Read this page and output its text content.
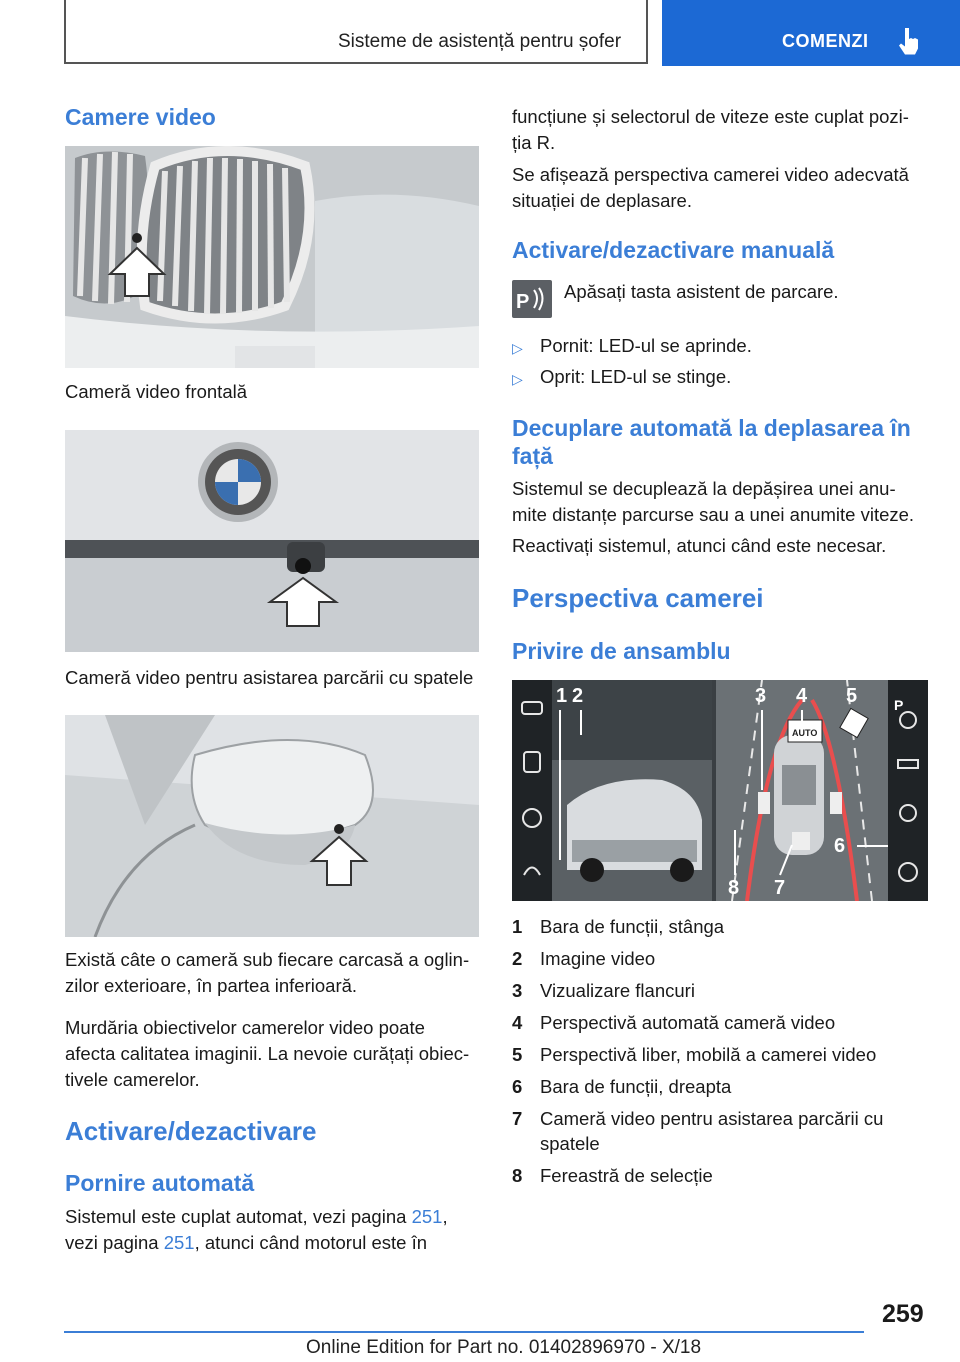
Sisteme de asistență pentru șofer	COMENZI
Camere video
Cameră video frontală
Cameră video pentru asistarea parcării cu spatele
Există câte o cameră sub fiecare carcasă a oglin-
zilor exterioare, în partea inferioară.
Murdăria obiectivelor camerelor video poate
afecta calitatea imaginii. La nevoie curățați obiec-
tivele camerelor.
Activare/dezactivare
Pornire automată
Sistemul este cuplat automat, vezi pagina 251,
vezi pagina 251, atunci când motorul este în
funcțiune și selectorul de viteze este cuplat pozi-
ția R.
Se afișează perspectiva camerei video adecvată
situației de deplasare.
Activare/dezactivare manuală
P Apăsați tasta asistent de parcare.
▷ Pornit: LED-ul se aprinde.
▷ Oprit: LED-ul se stinge.
Decuplare automată la deplasarea în
față
Sistemul se decuplează la depășirea unei anu-
mite distanțe parcurse sau a unei anumite viteze.
Reactivați sistemul, atunci când este necesar.
Perspectiva camerei
Privire de ansamblu
AUTO
1 2	3 4 5
6
7
8
P
1 Bara de funcții, stânga
2 Imagine video
3 Vizualizare flancuri
4 Perspectivă automată cameră video
5 Perspectivă liber, mobilă a camerei video
6 Bara de funcții, dreapta
7 Cameră video pentru asistarea parcării cu
spatele
8 Fereastră de selecție
259
Online Edition for Part no. 01402896970 - X/18
